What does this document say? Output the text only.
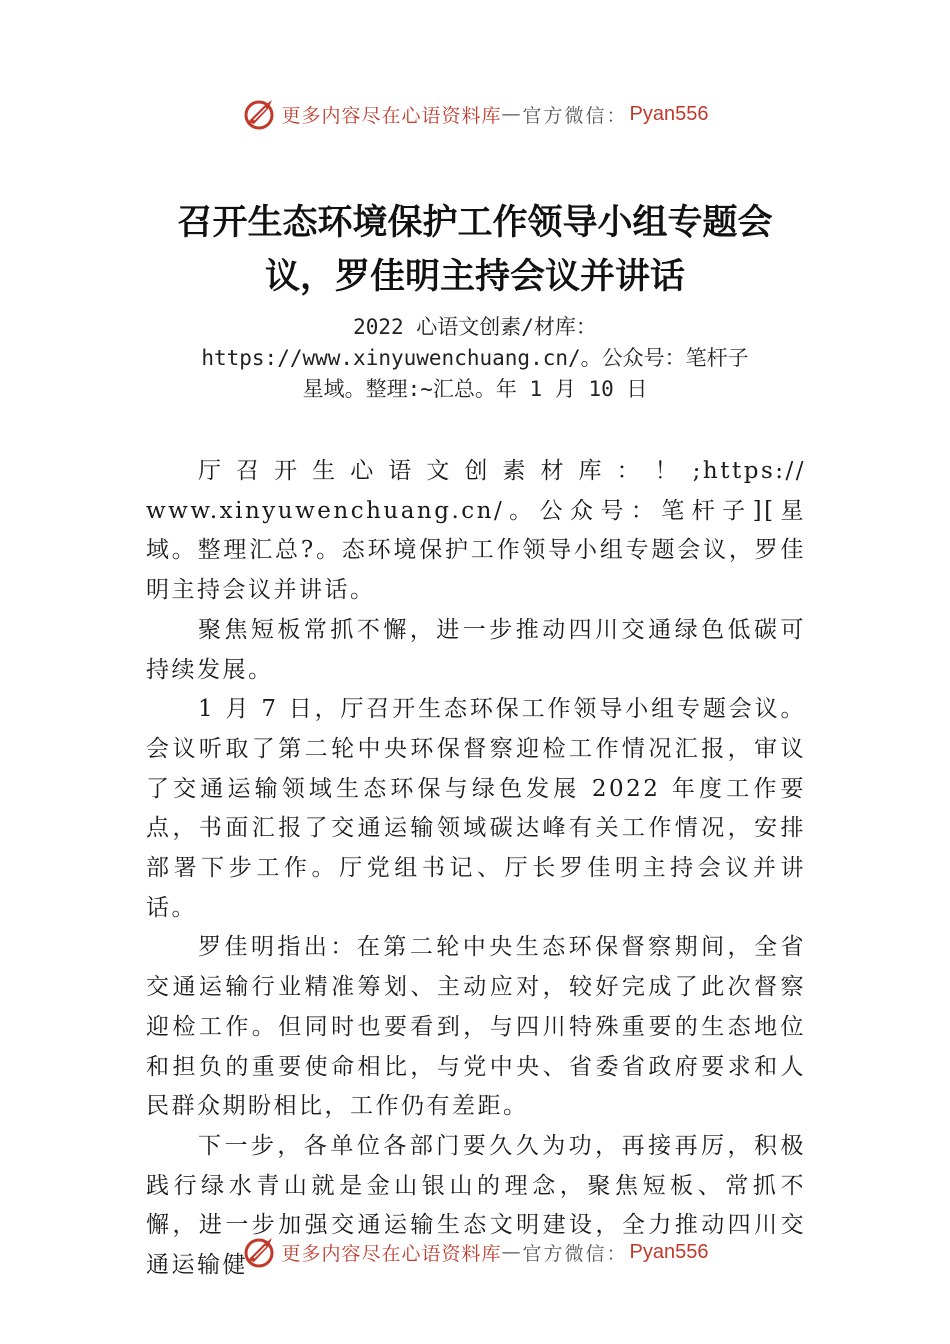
更多内容尽在心语资料库 — 官方微信： Pyan556
召开生态环境保护工作领导小组专题会
议，罗佳明主持会议并讲话
2022 心语文创素/材库：
https://www.xinyuwenchuang.cn/。公众号：笔杆子
星域。整理:~汇总。年 1 月 10 日

厅召开生心语文创素材库：！;https:// www.xinyuwenchuang.cn/。公众号：笔杆子][星域。整理汇总?。态环境保护工作领导小组专题会议，罗佳明主持会议并讲话。

聚焦短板常抓不懈，进一步推动四川交通绿色低碳可持续发展。

1 月 7 日，厅召开生态环保工作领导小组专题会议。会议听取了第二轮中央环保督察迎检工作情况汇报，审议了交通运输领域生态环保与绿色发展 2022 年度工作要点，书面汇报了交通运输领域碳达峰有关工作情况，安排部署下步工作。厅党组书记、厅长罗佳明主持会议并讲话。

罗佳明指出：在第二轮中央生态环保督察期间，全省交通运输行业精准筹划、主动应对，较好完成了此次督察迎检工作。但同时也要看到，与四川特殊重要的生态地位和担负的重要使命相比，与党中央、省委省政府要求和人民群众期盼相比，工作仍有差距。

下一步，各单位各部门要久久为功，再接再厉，积极践行绿水青山就是金山银山的理念，聚焦短板、常抓不懈，进一步加强交通运输生态文明建设，全力推动四川交通运输健	更多内容尽在心语资料库 — 官方微信： Pyan556
